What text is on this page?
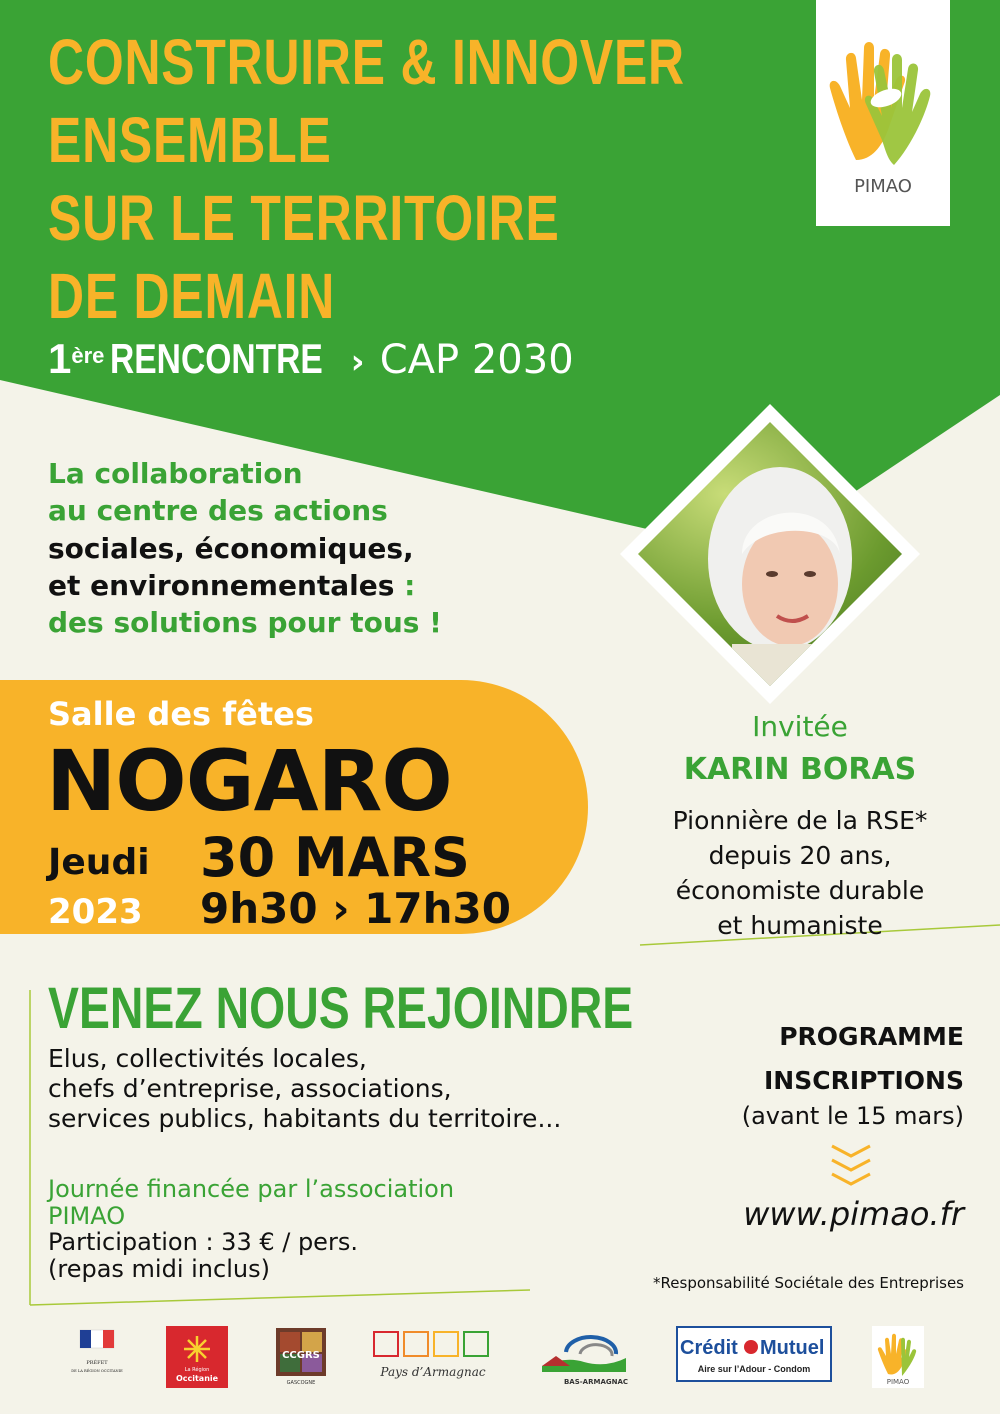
PIMAO
CONSTRUIRE & INNOVER
ENSEMBLE
SUR LE TERRITOIRE
DE DEMAIN
1ère RENCONTRE › CAP 2030
La collaboration
au centre des actions
sociales, économiques,
et environnementales :
des solutions pour tous !
Salle des fêtes
NOGARO
Jeudi 30 MARS
2023 9h30 › 17h30
Invitée
KARIN BORAS
Pionnière de la RSE*
depuis 20 ans,
économiste durable
et humaniste
VENEZ NOUS REJOINDRE
Elus, collectivités locales,
chefs d’entreprise, associations,
services publics, habitants du territoire...
Journée financée par l’association
PIMAO
Participation : 33 € / pers.
(repas midi inclus)
PROGRAMME
INSCRIPTIONS
(avant le 15 mars)
www.pimao.fr
*Responsabilité Sociétale des Entreprises
PRÉFET
DE LA RÉGION OCCITANIE	La Région
Occitanie
CCGRS
GASCOGNE
Pays d’Armagnac
BAS-ARMAGNAC
Crédit Mutuel
Aire sur l’Adour - Condom
PIMAO
